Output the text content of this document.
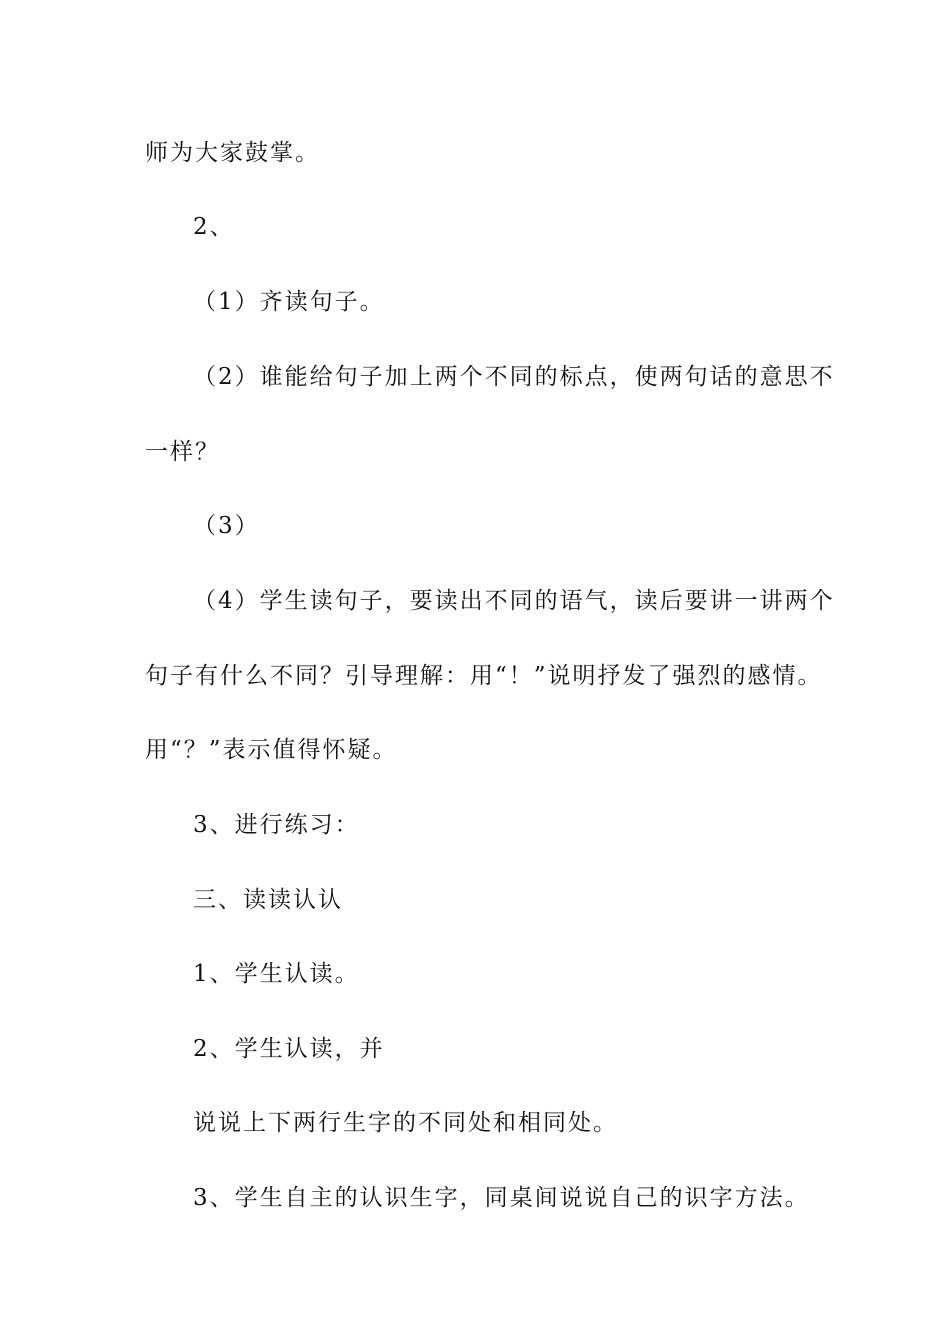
师为大家鼓掌。
2、
（1）齐读句子。
（2）谁能给句子加上两个不同的标点，使两句话的意思不
一样？
（3）
（4）学生读句子，要读出不同的语气，读后要讲一讲两个
句子有什么不同？引导理解：用“！”说明抒发了强烈的感情。
用“？”表示值得怀疑。
3、进行练习：
三、读读认认
1、学生认读。
2、学生认读，并
说说上下两行生字的不同处和相同处。
3、学生自主的认识生字，同桌间说说自己的识字方法。
